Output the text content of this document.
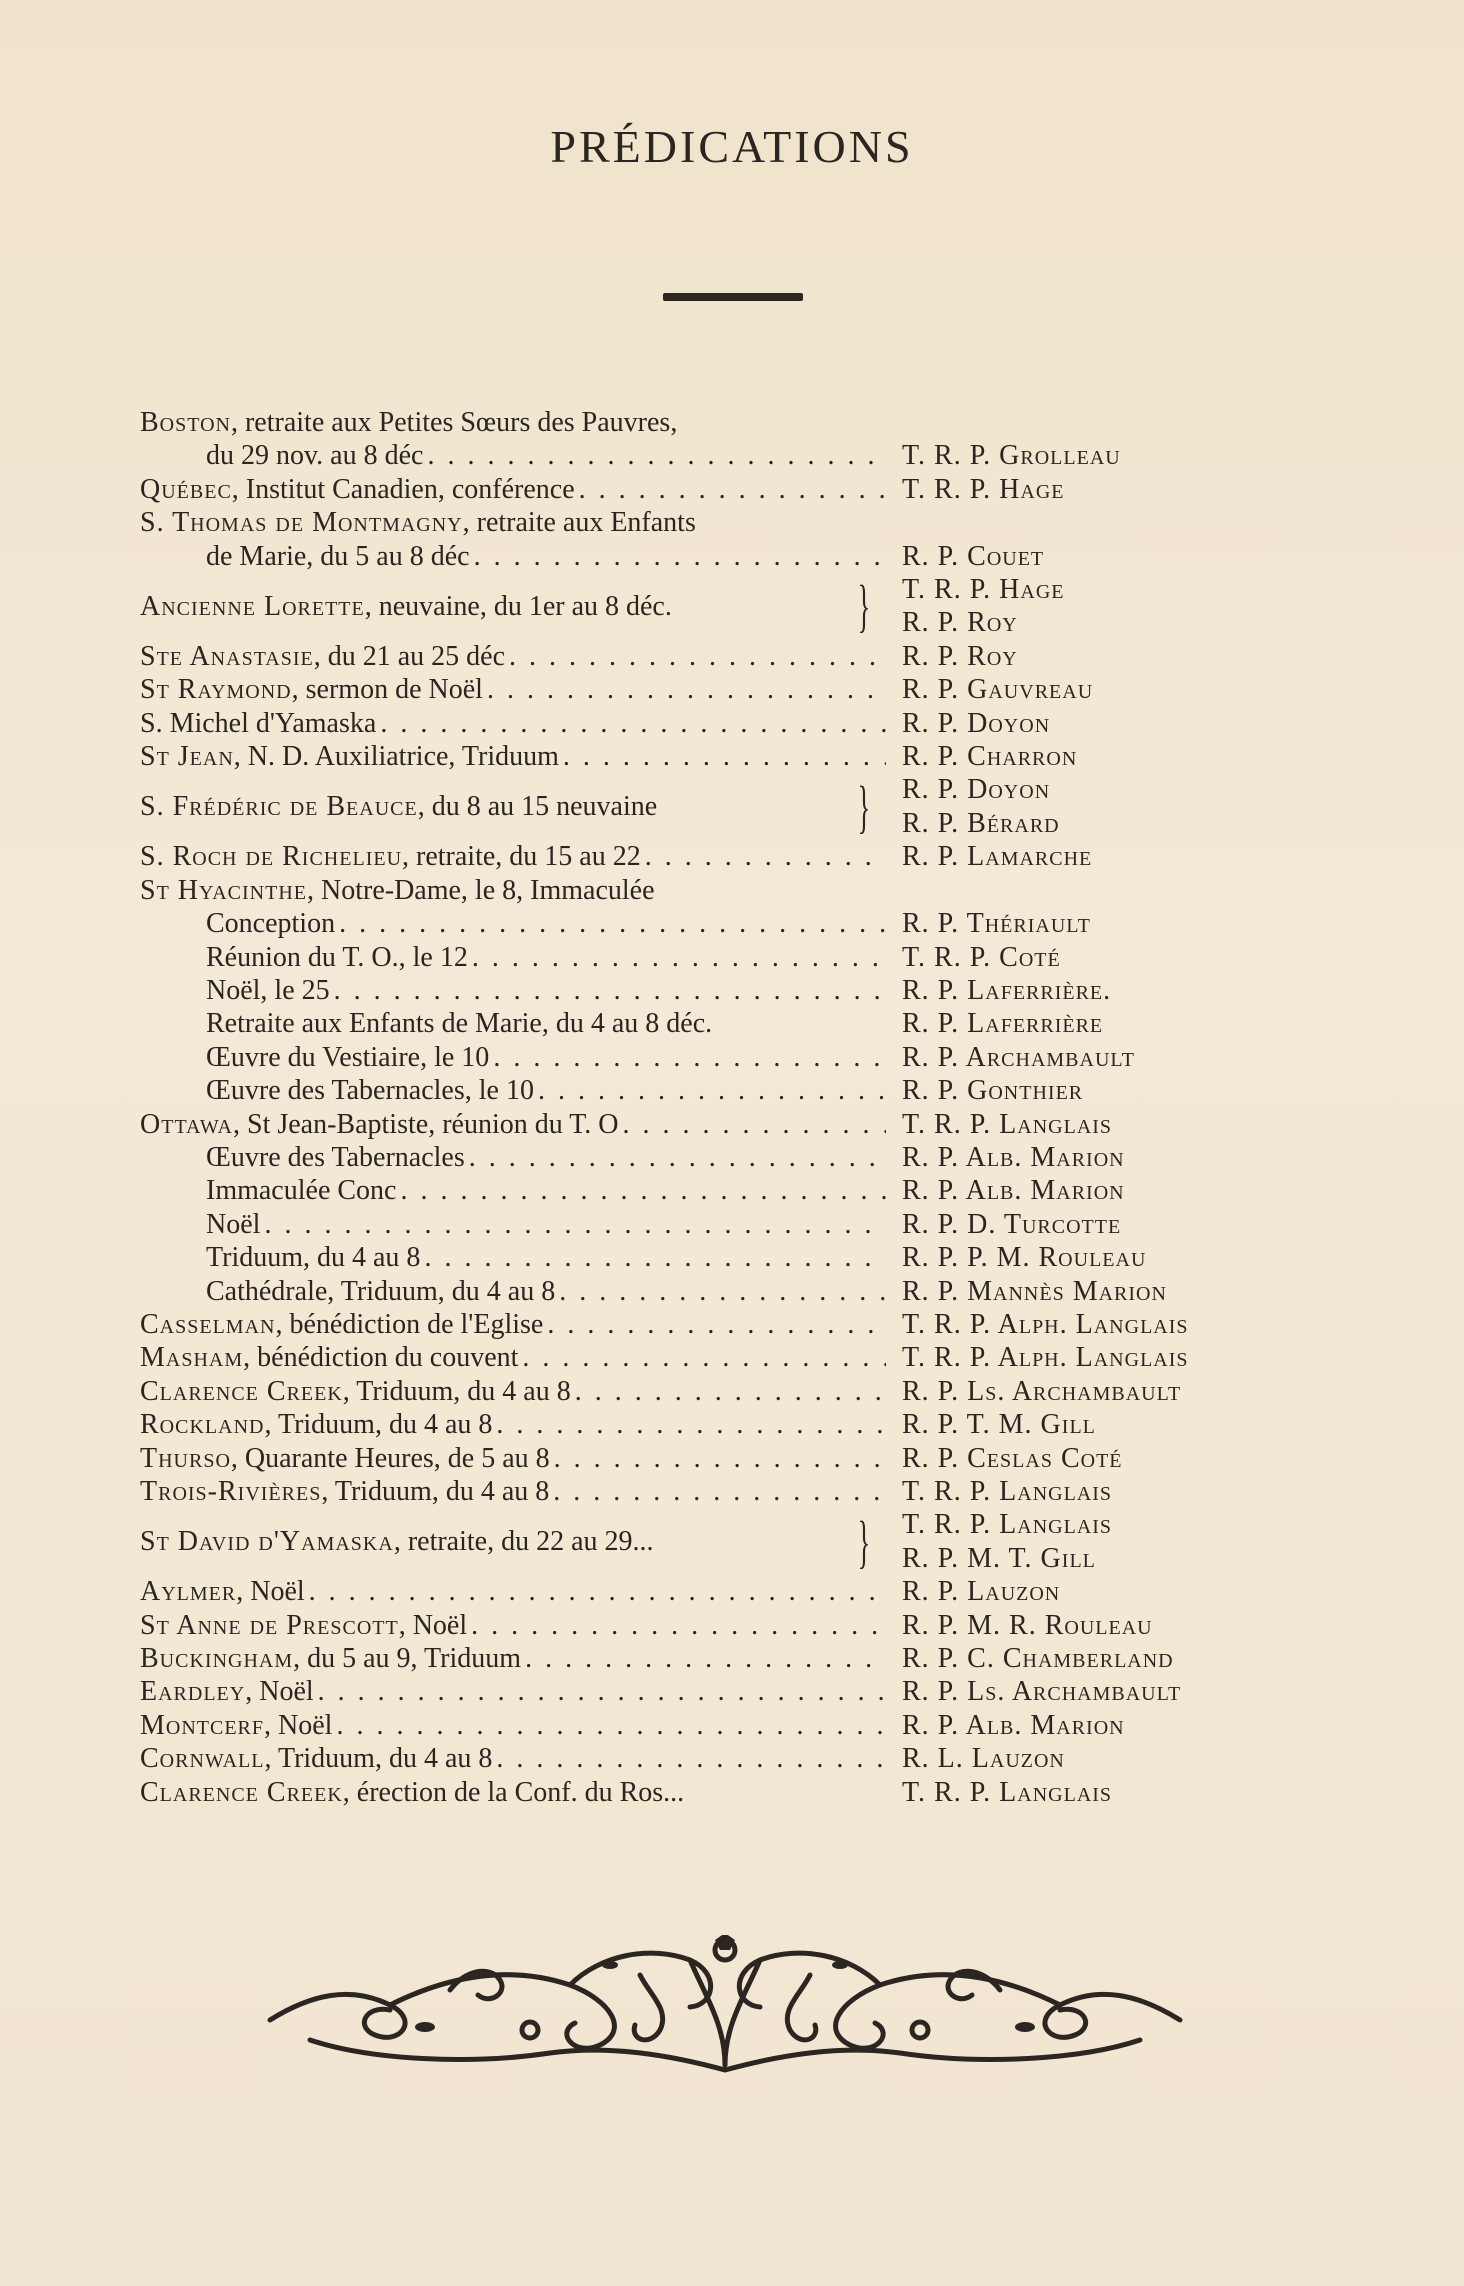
PRÉDICATIONS
Boston, retraite aux Petites Sœurs des Pauvres,
du 29 nov. au 8 déc . . .	T. R. P. Grolleau
Québec, Institut Canadien, conférence . . .	T. R. P. Hage
S. Thomas de Montmagny, retraite aux Enfants
de Marie, du 5 au 8 déc . . .	R. P. Couet
Ancienne Lorette, neuvaine, du 1er au 8 déc.	} T. R. P. Hage
R. P. Roy
Ste Anastasie, du 21 au 25 déc . . .	R. P. Roy
St Raymond, sermon de Noël . . .	R. P. Gauvreau
S. Michel d'Yamaska . . .	R. P. Doyon
St Jean, N. D. Auxiliatrice, Triduum . . .	R. P. Charron
S. Frédéric de Beauce, du 8 au 15 neuvaine	} R. P. Doyon
R. P. Bérard
S. Roch de Richelieu, retraite, du 15 au 22 . . .	R. P. Lamarche
St Hyacinthe, Notre-Dame, le 8, Immaculée
Conception . . .	R. P. Thériault
Réunion du T. O., le 12 . . .	T. R. P. Coté
Noël, le 25 . . .	R. P. Laferrière.
Retraite aux Enfants de Marie, du 4 au 8 déc.	R. P. Laferrière
Œuvre du Vestiaire, le 10 . . .	R. P. Archambault
Œuvre des Tabernacles, le 10 . . .	R. P. Gonthier
Ottawa, St Jean-Baptiste, réunion du T. O . . .	T. R. P. Langlais
Œuvre des Tabernacles . . .	R. P. Alb. Marion
Immaculée Conc . . .	R. P. Alb. Marion
Noël . . .	R. P. D. Turcotte
Triduum, du 4 au 8 . . .	R. P. P. M. Rouleau
Cathédrale, Triduum, du 4 au 8 . . .	R. P. Mannès Marion
Casselman, bénédiction de l'Eglise . . .	T. R. P. Alph. Langlais
Masham, bénédiction du couvent . . .	T. R. P. Alph. Langlais
Clarence Creek, Triduum, du 4 au 8 . . .	R. P. Ls. Archambault
Rockland, Triduum, du 4 au 8 . . .	R. P. T. M. Gill
Thurso, Quarante Heures, de 5 au 8 . . .	R. P. Ceslas Coté
Trois-Rivières, Triduum, du 4 au 8 . . .	T. R. P. Langlais
St David d'Yamaska, retraite, du 22 au 29...	} T. R. P. Langlais
R. P. M. T. Gill
Aylmer, Noël . . .	R. P. Lauzon
St Anne de Prescott, Noël . . .	R. P. M. R. Rouleau
Buckingham, du 5 au 9, Triduum . . .	R. P. C. Chamberland
Eardley, Noël . . .	R. P. Ls. Archambault
Montcerf, Noël . . .	R. P. Alb. Marion
Cornwall, Triduum, du 4 au 8 . . .	R. L. Lauzon
Clarence Creek, érection de la Conf. du Ros...	T. R. P. Langlais
